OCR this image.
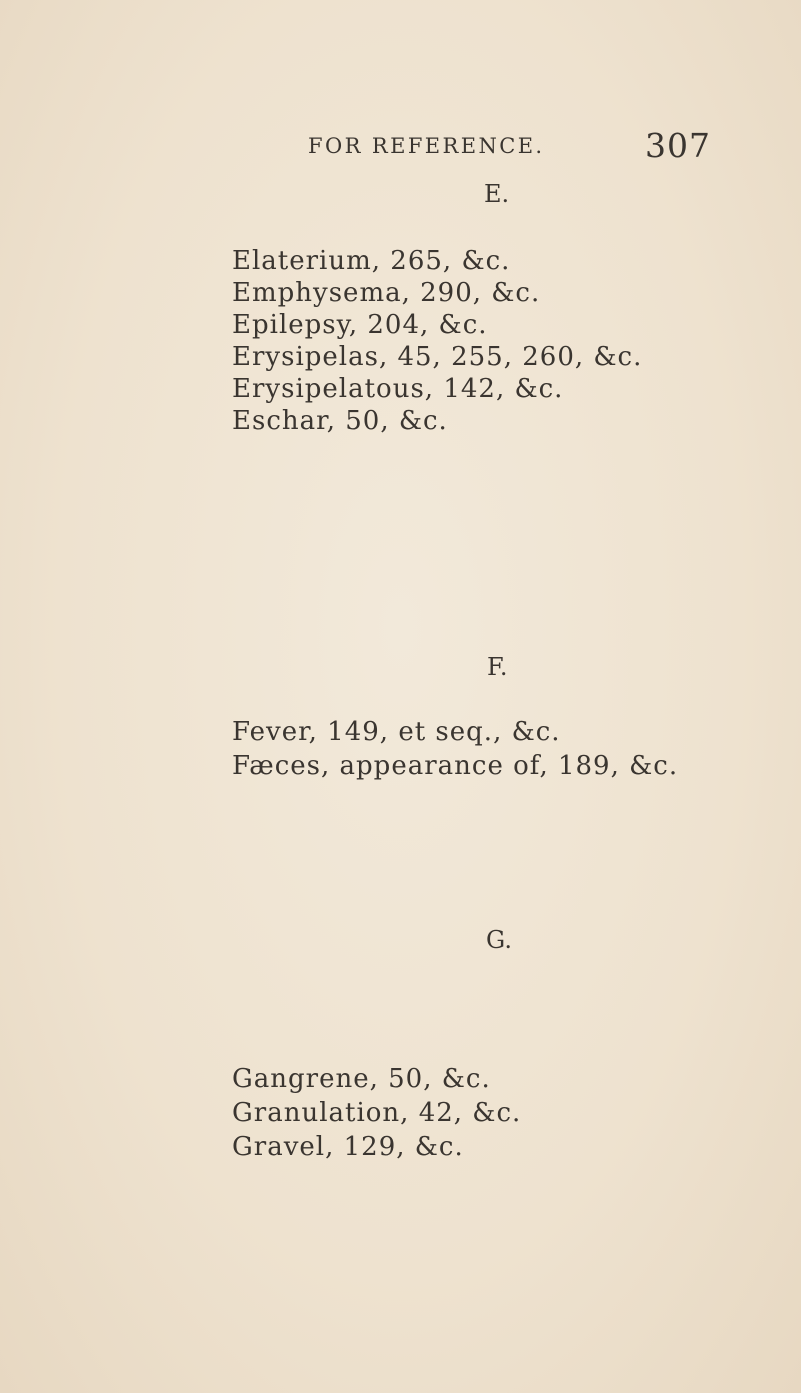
FOR REFERENCE.	307
E.
Elaterium, 265, &c.
Emphysema, 290, &c.
Epilepsy, 204, &c.
Erysipelas, 45, 255, 260, &c.
Erysipelatous, 142, &c.
Eschar, 50, &c.
F.
Fever, 149, et seq., &c.
Fæces, appearance of, 189, &c.
G.
Gangrene, 50, &c.
Granulation, 42, &c.
Gravel, 129, &c.
